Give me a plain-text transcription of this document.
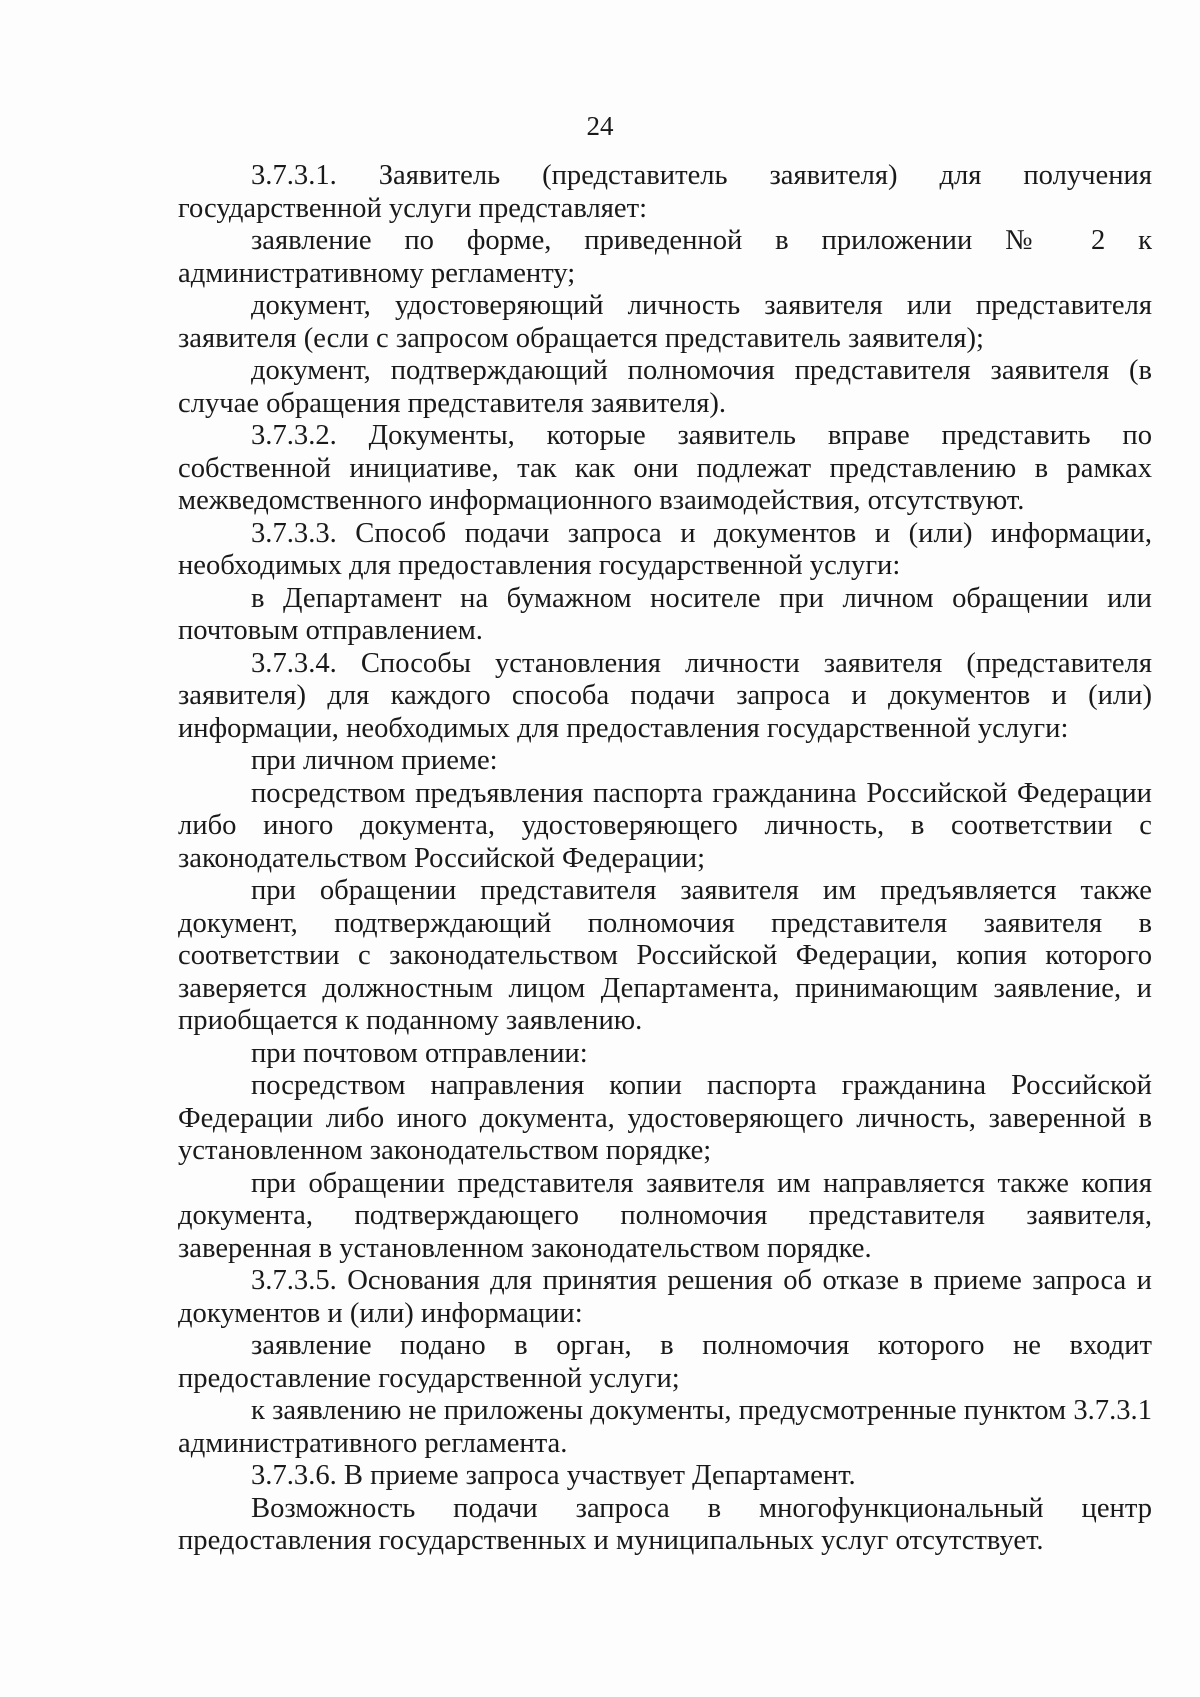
24

3.7.3.1. Заявитель (представитель заявителя) для получения государственной услуги представляет:

заявление по форме, приведенной в приложении № 2 к административному регламенту;

документ, удостоверяющий личность заявителя или представителя заявителя (если с запросом обращается представитель заявителя);

документ, подтверждающий полномочия представителя заявителя (в случае обращения представителя заявителя).

3.7.3.2. Документы, которые заявитель вправе представить по собственной инициативе, так как они подлежат представлению в рамках межведомственного информационного взаимодействия, отсутствуют.

3.7.3.3. Способ подачи запроса и документов и (или) информации, необходимых для предоставления государственной услуги:

в Департамент на бумажном носителе при личном обращении или почтовым отправлением.

3.7.3.4. Способы установления личности заявителя (представителя заявителя) для каждого способа подачи запроса и документов и (или) информации, необходимых для предоставления государственной услуги:

при личном приеме:

посредством предъявления паспорта гражданина Российской Федерации либо иного документа, удостоверяющего личность, в соответствии с законодательством Российской Федерации;

при обращении представителя заявителя им предъявляется также документ, подтверждающий полномочия представителя заявителя в соответствии с законодательством Российской Федерации, копия которого заверяется должностным лицом Департамента, принимающим заявление, и приобщается к поданному заявлению.

при почтовом отправлении:

посредством направления копии паспорта гражданина Российской Федерации либо иного документа, удостоверяющего личность, заверенной в установленном законодательством порядке;

при обращении представителя заявителя им направляется также копия документа, подтверждающего полномочия представителя заявителя, заверенная в установленном законодательством порядке.

3.7.3.5. Основания для принятия решения об отказе в приеме запроса и документов и (или) информации:

заявление подано в орган, в полномочия которого не входит предоставление государственной услуги;

к заявлению не приложены документы, предусмотренные пунктом 3.7.3.1 административного регламента.

3.7.3.6. В приеме запроса участвует Департамент.

Возможность подачи запроса в многофункциональный центр предоставления государственных и муниципальных услуг отсутствует.
